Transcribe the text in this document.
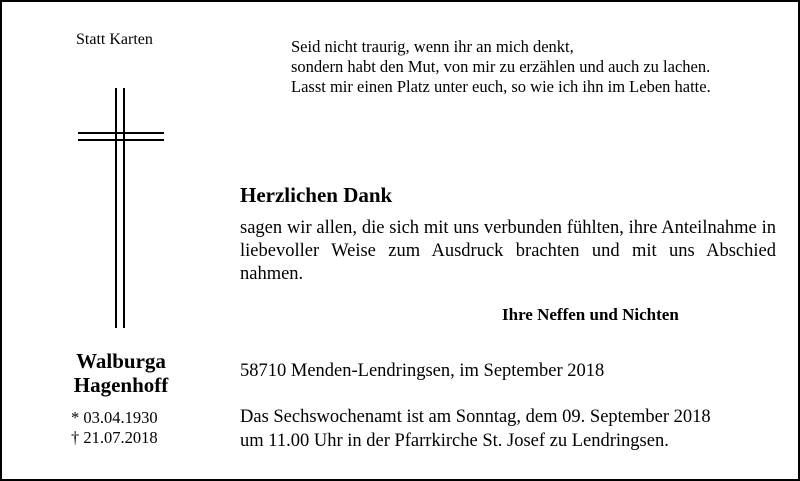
Statt Karten	Seid nicht traurig, wenn ihr an mich denkt,
sondern habt den Mut, von mir zu erzählen und auch zu lachen.
Lasst mir einen Platz unter euch, so wie ich ihn im Leben hatte.
Walburga
Hagenhoff
* 03.04.1930
† 21.07.2018
Herzlichen Dank
sagen wir allen, die sich mit uns verbunden fühlten, ihre Anteilnahme in liebevoller Weise zum Ausdruck brachten und mit uns Abschied nahmen.
Ihre Neffen und Nichten
58710 Menden-Lendringsen, im September 2018
Das Sechswochenamt ist am Sonntag, dem 09. September 2018
um 11.00 Uhr in der Pfarrkirche St. Josef zu Lendringsen.
